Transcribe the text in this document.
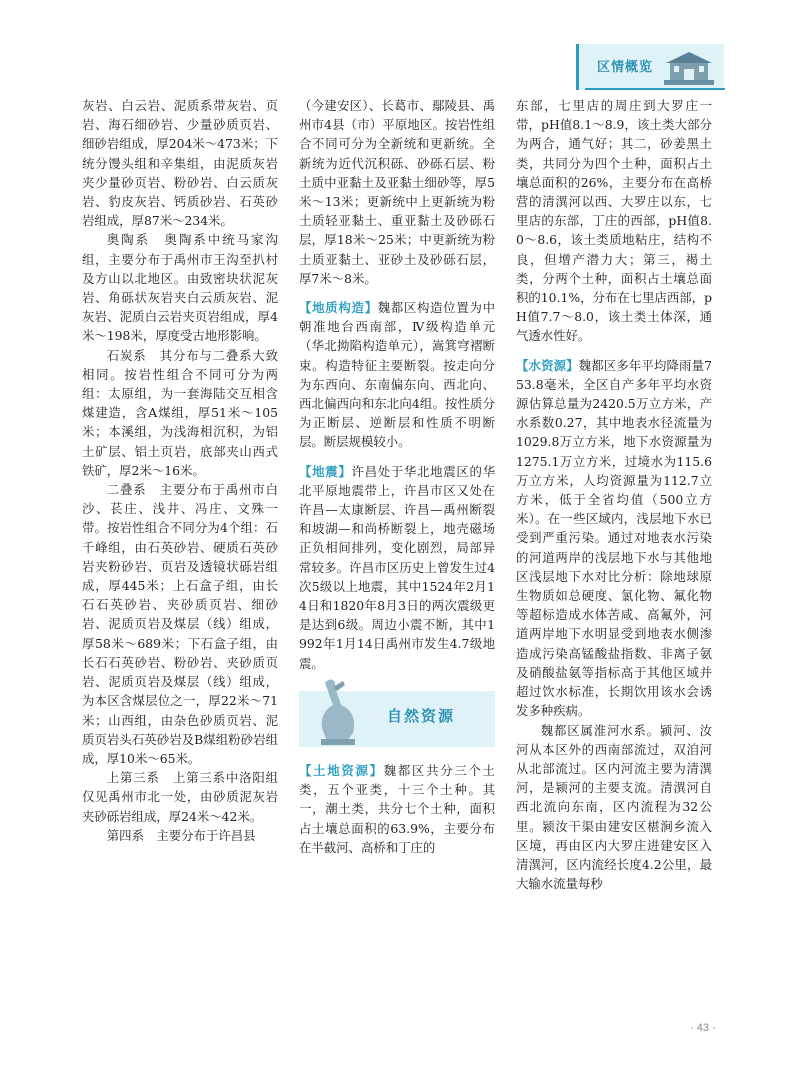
区情概览

灰岩、白云岩、泥质系带灰岩、页岩、海石细砂岩、少量砂质页岩、细砂岩组成，厚204米～473米；下统分馒头组和辛集组，由泥质灰岩夹少量砂页岩、粉砂岩、白云质灰岩、豹皮灰岩、钙质砂岩、石英砂岩组成，厚87米～234米。

奥陶系　奥陶系中统马家沟组，主要分布于禹州市王沟至扒村及方山以北地区。由致密块状泥灰岩、角砾状灰岩夹白云质灰岩、泥灰岩、泥质白云岩夹页岩组成，厚4米～198米，厚度受古地形影响。

石炭系　其分布与二叠系大致相同。按岩性组合不同可分为两组：太原组，为一套海陆交互相含煤建造，含A煤组，厚51米～105米；本溪组，为浅海相沉积，为铝土矿层、铝土页岩，底部夹山西式铁矿，厚2米～16米。

二叠系　主要分布于禹州市白沙、苌庄、浅井、冯庄、文殊一带。按岩性组合不同分为4个组：石千峰组，由石英砂岩、硬质石英砂岩夹粉砂岩、页岩及透镜状砾岩组成，厚445米；上石盒子组，由长石石英砂岩、夹砂质页岩、细砂岩、泥质页岩及煤层（线）组成，厚58米～689米；下石盒子组，由长石石英砂岩、粉砂岩、夹砂质页岩、泥质页岩及煤层（线）组成，为本区含煤层位之一，厚22米～71米；山西组，由杂色砂质页岩、泥质页岩头石英砂岩及B煤组粉砂岩组成，厚10米～65米。

上第三系　上第三系中洛阳组仅见禹州市北一处，由砂质泥灰岩夹砂砾岩组成，厚24米～42米。

第四系　主要分布于许昌县

（今建安区）、长葛市、鄢陵县、禹州市4县（市）平原地区。按岩性组合不同可分为全新统和更新统。全新统为近代沉积砾、砂砾石层、粉土质中亚黏土及亚黏土细砂等，厚5米～13米；更新统中上更新统为粉土质轻亚黏土、重亚黏土及砂砾石层，厚18米～25米；中更新统为粉土质亚黏土、亚砂土及砂砾石层，厚7米～8米。

【地质构造】魏都区构造位置为中朝准地台西南部，Ⅳ级构造单元（华北拗陷构造单元），嵩箕穹褶断束。构造特征主要断裂。按走向分为东西向、东南偏东向、西北向、西北偏西向和东北向4组。按性质分为正断层、逆断层和性质不明断层。断层规模较小。

【地震】许昌处于华北地震区的华北平原地震带上，许昌市区又处在许昌—太康断层、许昌—禹州断裂和坡湖—和尚桥断裂上，地壳磁场正负相间排列，变化剧烈，局部异常较多。许昌市区历史上曾发生过4次5级以上地震，其中1524年2月14日和1820年8月3日的两次震级更是达到6级。周边小震不断，其中1992年1月14日禹州市发生4.7级地震。

自然资源

【土地资源】魏都区共分三个土类，五个亚类，十三个土种。其一，潮土类，共分七个土种，面积占土壤总面积的63.9%，主要分布在半截河、高桥和丁庄的

东部，七里店的周庄到大罗庄一带，pH值8.1～8.9，该土类大部分为两合，通气好；其二，砂姜黑土类，共同分为四个土种，面积占土壤总面积的26%，主要分布在高桥营的清潩河以西、大罗庄以东，七里店的东部，丁庄的西部，pH值8.0～8.6，该土类质地粘庄，结构不良，但增产潜力大；第三，褐土类，分两个土种，面积占土壤总面积的10.1%，分布在七里店西部，pH值7.7～8.0，该土类土体深，通气透水性好。

【水资源】魏都区多年平均降雨量753.8毫米，全区自产多年平均水资源估算总量为2420.5万立方米，产水系数0.27，其中地表水径流量为1029.8万立方米，地下水资源量为1275.1万立方米，过境水为115.6万立方米，人均资源量为112.7立方米，低于全省均值（500立方米）。在一些区域内，浅层地下水已受到严重污染。通过对地表水污染的河道两岸的浅层地下水与其他地区浅层地下水对比分析：除地球原生物质如总硬度、氯化物、氟化物等超标造成水体苦咸、高氟外，河道两岸地下水明显受到地表水侧渗造成污染高锰酸盐指数、非离子氨及硝酸盐氨等指标高于其他区域并超过饮水标准，长期饮用该水会诱发多种疾病。

魏都区属淮河水系。颍河、汝河从本区外的西南部流过，双洎河从北部流过。区内河流主要为清潩河，是颍河的主要支流。清潩河自西北流向东南，区内流程为32公里。颍汝干渠由建安区椹涧乡流入区境，再由区内大罗庄进建安区入清潩河，区内流经长度4.2公里，最大输水流量每秒

· 43 ·
